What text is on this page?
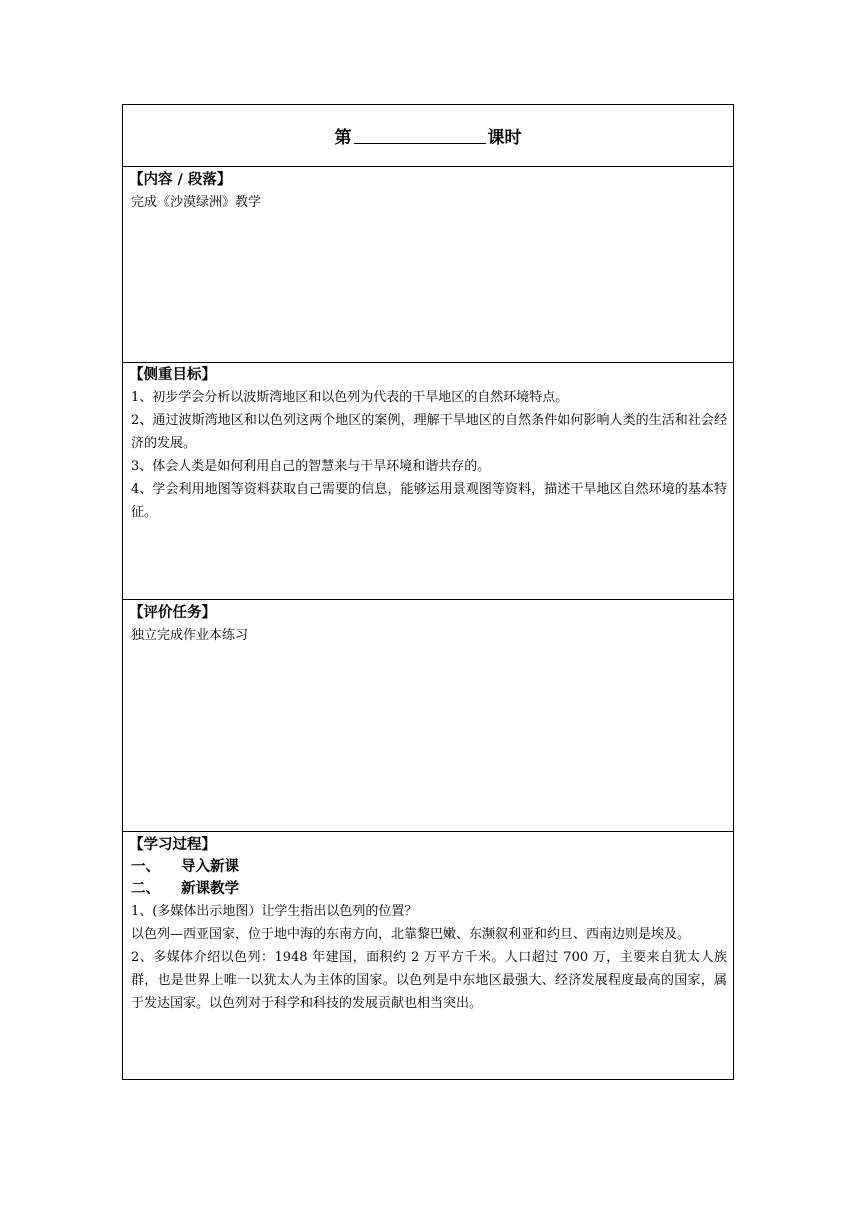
第	课时
【内容 / 段落】
完成《沙漠绿洲》教学
【侧重目标】
1、初步学会分析以波斯湾地区和以色列为代表的干旱地区的自然环境特点。
2、通过波斯湾地区和以色列这两个地区的案例，理解干旱地区的自然条件如何影响人类的生活和社会经济的发展。
3、体会人类是如何利用自己的智慧来与干旱环境和谐共存的。
4、学会利用地图等资料获取自己需要的信息，能够运用景观图等资料，描述干旱地区自然环境的基本特征。
【评价任务】
独立完成作业本练习
【学习过程】
一、 导入新课
二、 新课教学
1、(多媒体出示地图）让学生指出以色列的位置？
以色列—西亚国家，位于地中海的东南方向，北靠黎巴嫩、东濒叙利亚和约旦、西南边则是埃及。
2、多媒体介绍以色列：1948 年建国，面积约 2 万平方千米。人口超过 700 万，主要来自犹太人族群，也是世界上唯一以犹太人为主体的国家。以色列是中东地区最强大、经济发展程度最高的国家，属于发达国家。以色列对于科学和科技的发展贡献也相当突出。
